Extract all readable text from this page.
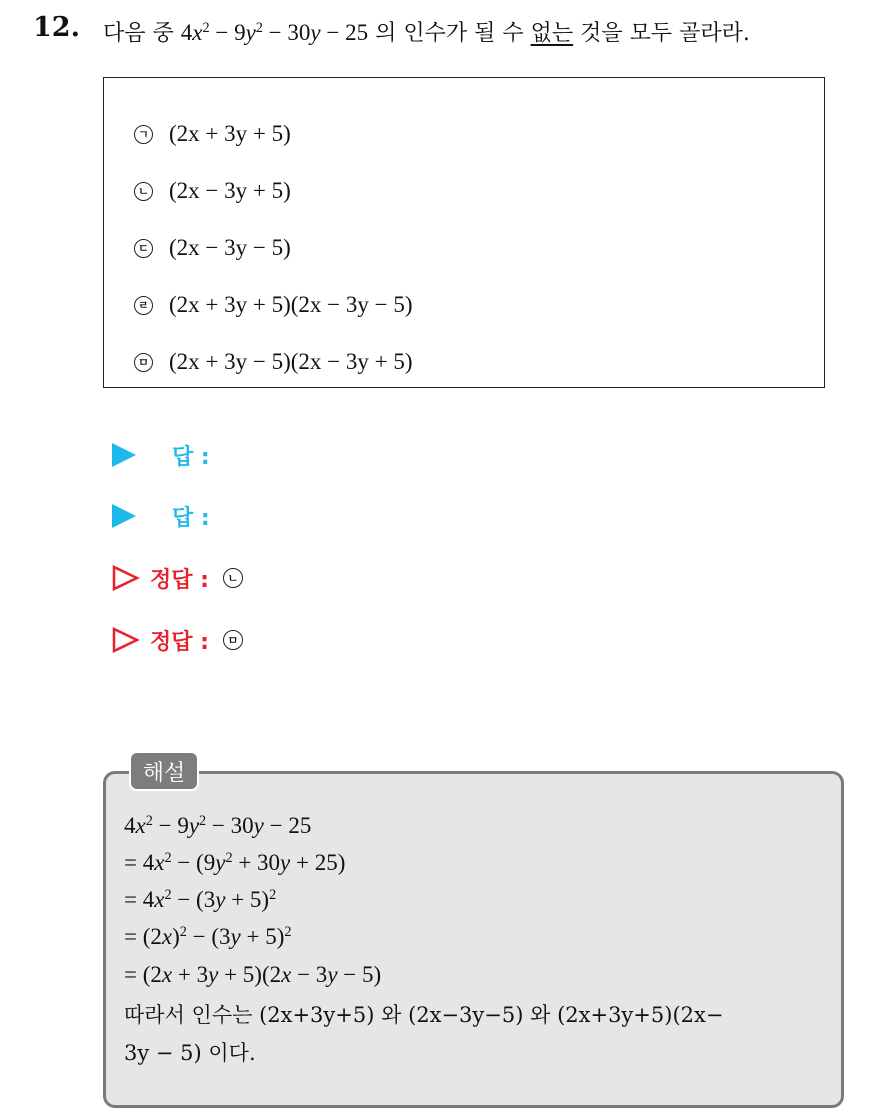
12. 다음 중 $4x^2 - 9y^2 - 30y - 25$ 의 인수가 될 수 없는 것을 모두 골라라.
ㄱ (2x + 3y + 5)
ㄴ (2x − 3y + 5)
ㄷ (2x − 3y − 5)
ㄹ (2x + 3y + 5)(2x − 3y − 5)
ㅁ (2x + 3y − 5)(2x − 3y + 5)
답 :
답 :
정답 :	ㄴ
정답 :	ㅁ
해설
$4x^2 - 9y^2 - 30y - 25$
= $4x^2 - (9y^2 + 30y + 25)$
= $4x^2 - (3y + 5)^2$
= $(2x)^2 - (3y + 5)^2$
= (2x + 3y + 5)(2x − 3y − 5)
따라서 인수는 (2x+3y+5) 와 (2x−3y−5) 와 (2x+3y+5)(2x−
3y − 5) 이다.
